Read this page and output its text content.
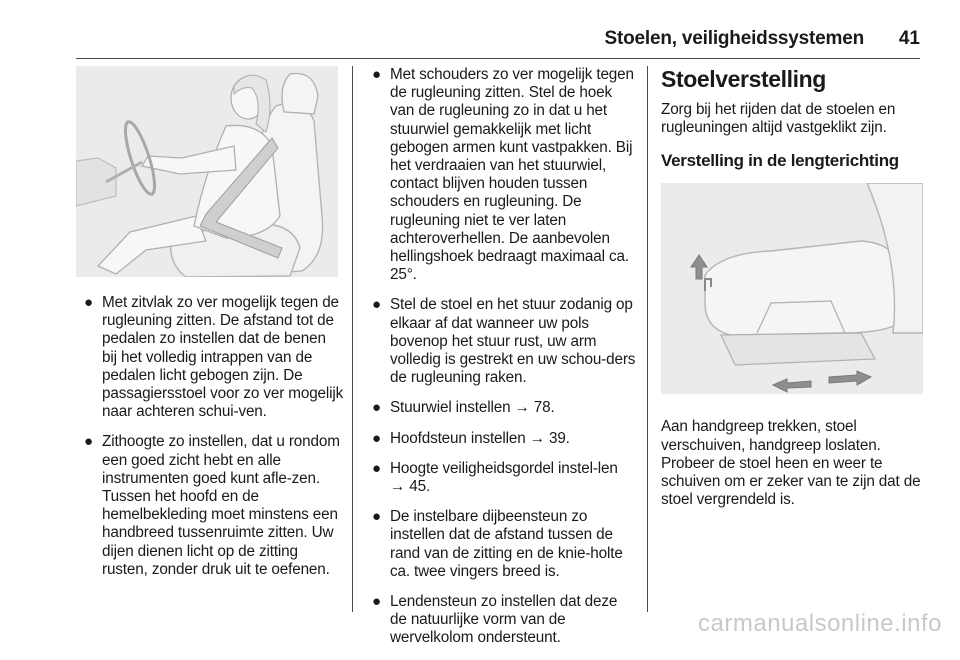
Stoelen, veiligheidssystemen 41
● Met zitvlak zo ver mogelijk tegen de rugleuning zitten. De afstand tot de pedalen zo instellen dat de benen bij het volledig intrappen van de pedalen licht gebogen zijn. De passagiersstoel voor zo ver mogelijk naar achteren schui-ven.
● Zithoogte zo instellen, dat u rondom een goed zicht hebt en alle instrumenten goed kunt afle-zen. Tussen het hoofd en de hemelbekleding moet minstens een handbreed tussenruimte zitten. Uw dijen dienen licht op de zitting rusten, zonder druk uit te oefenen.
● Met schouders zo ver mogelijk tegen de rugleuning zitten. Stel de hoek van de rugleuning zo in dat u het stuurwiel gemakkelijk met licht gebogen armen kunt vastpakken. Bij het verdraaien van het stuurwiel, contact blijven houden tussen schouders en rugleuning. De rugleuning niet te ver laten achteroverhellen. De aanbevolen hellingshoek bedraagt maximaal ca. 25°.
● Stel de stoel en het stuur zodanig op elkaar af dat wanneer uw pols bovenop het stuur rust, uw arm volledig is gestrekt en uw schou-ders de rugleuning raken.
● Stuurwiel instellen → 78.
● Hoofdsteun instellen → 39.
● Hoogte veiligheidsgordel instel-len → 45.
● De instelbare dijbeensteun zo instellen dat de afstand tussen de rand van de zitting en de knie-holte ca. twee vingers breed is.
● Lendensteun zo instellen dat deze de natuurlijke vorm van de wervelkolom ondersteunt.
Stoelverstelling

Zorg bij het rijden dat de stoelen en rugleuningen altijd vastgeklikt zijn.

Verstelling in de lengterichting

Aan handgreep trekken, stoel verschuiven, handgreep loslaten. Probeer de stoel heen en weer te schuiven om er zeker van te zijn dat de stoel vergrendeld is.

carmanualsonline.info
